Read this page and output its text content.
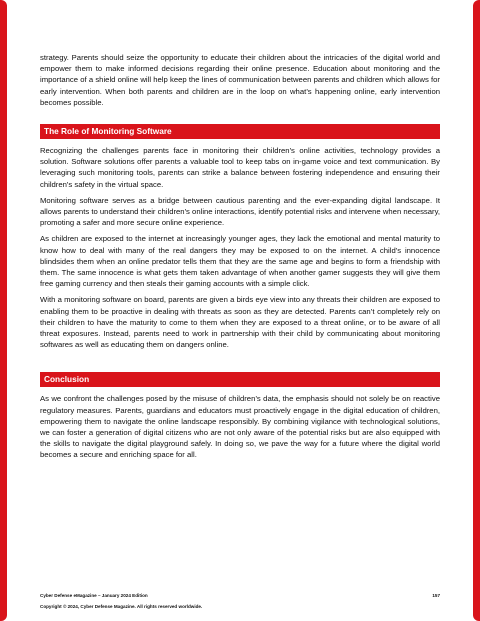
strategy. Parents should seize the opportunity to educate their children about the intricacies of the digital world and empower them to make informed decisions regarding their online presence. Education about monitoring and the importance of a shield online will help keep the lines of communication between parents and children which allows for early intervention. When both parents and children are in the loop on what’s happening online, early intervention becomes possible.

The Role of Monitoring Software

Recognizing the challenges parents face in monitoring their children's online activities, technology provides a solution. Software solutions offer parents a valuable tool to keep tabs on in-game voice and text communication. By leveraging such monitoring tools, parents can strike a balance between fostering independence and ensuring their children's safety in the virtual space.

Monitoring software serves as a bridge between cautious parenting and the ever-expanding digital landscape. It allows parents to understand their children's online interactions, identify potential risks and intervene when necessary, promoting a safer and more secure online experience.

As children are exposed to the internet at increasingly younger ages, they lack the emotional and mental maturity to know how to deal with many of the real dangers they may be exposed to on the internet. A child’s innocence blindsides them when an online predator tells them that they are the same age and begins to form a friendship with them. The same innocence is what gets them taken advantage of when another gamer suggests they will give them free gaming currency and then steals their gaming accounts with a simple click.

With a monitoring software on board, parents are given a birds eye view into any threats their children are exposed to enabling them to be proactive in dealing with threats as soon as they are detected. Parents can’t completely rely on their children to have the maturity to come to them when they are exposed to a threat online, or to be aware of all threat exposures. Instead, parents need to work in partnership with their child by communicating about monitoring softwares as well as educating them on dangers online.

Conclusion

As we confront the challenges posed by the misuse of children’s data, the emphasis should not solely be on reactive regulatory measures. Parents, guardians and educators must proactively engage in the digital education of children, empowering them to navigate the online landscape responsibly. By combining vigilance with technological solutions, we can foster a generation of digital citizens who are not only aware of the potential risks but are also equipped with the skills to navigate the digital playground safely. In doing so, we pave the way for a future where the digital world becomes a secure and enriching space for all.

Cyber Defense eMagazine – January 2024 Edition	157
Copyright © 2024, Cyber Defense Magazine. All rights reserved worldwide.
